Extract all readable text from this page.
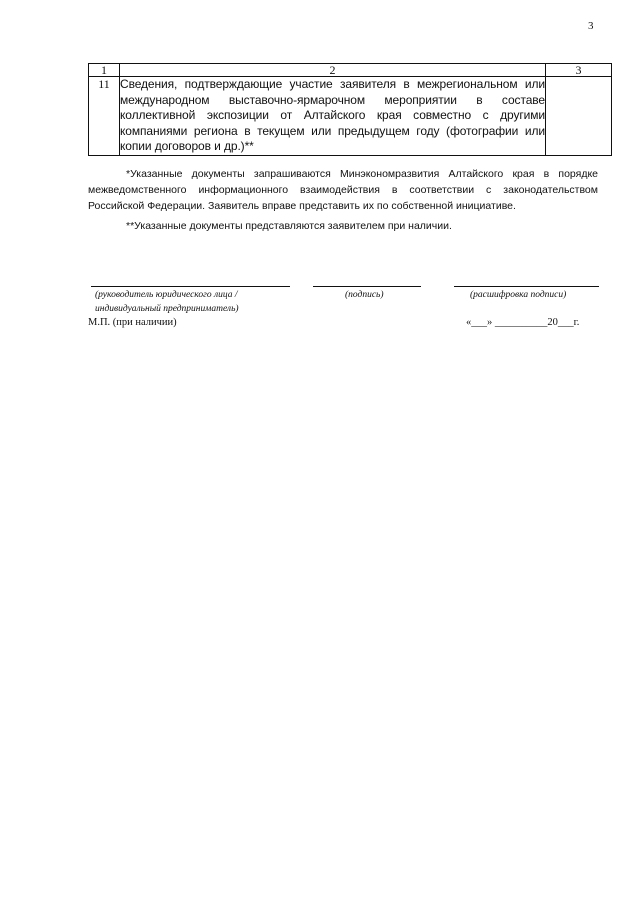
3
1	2	3
11	Сведения, подтверждающие участие заявителя в межрегиональном или международном выставочно-ярмарочном мероприятии в составе коллективной экспозиции от Алтайского края совместно с другими компаниями региона в текущем или предыдущем году (фотографии или копии договоров и др.)**	
*Указанные документы запрашиваются Минэкономразвития Алтайского края в порядке межведомственного информационного взаимодействия в соответствии с законодательством Российской Федерации. Заявитель вправе представить их по собственной инициативе.
**Указанные документы представляются заявителем при наличии.
(руководитель юридического лица /индивидуальный предприниматель)
(подпись)	(расшифровка подписи)
М.П. (при наличии)	«___» __________20___г.
